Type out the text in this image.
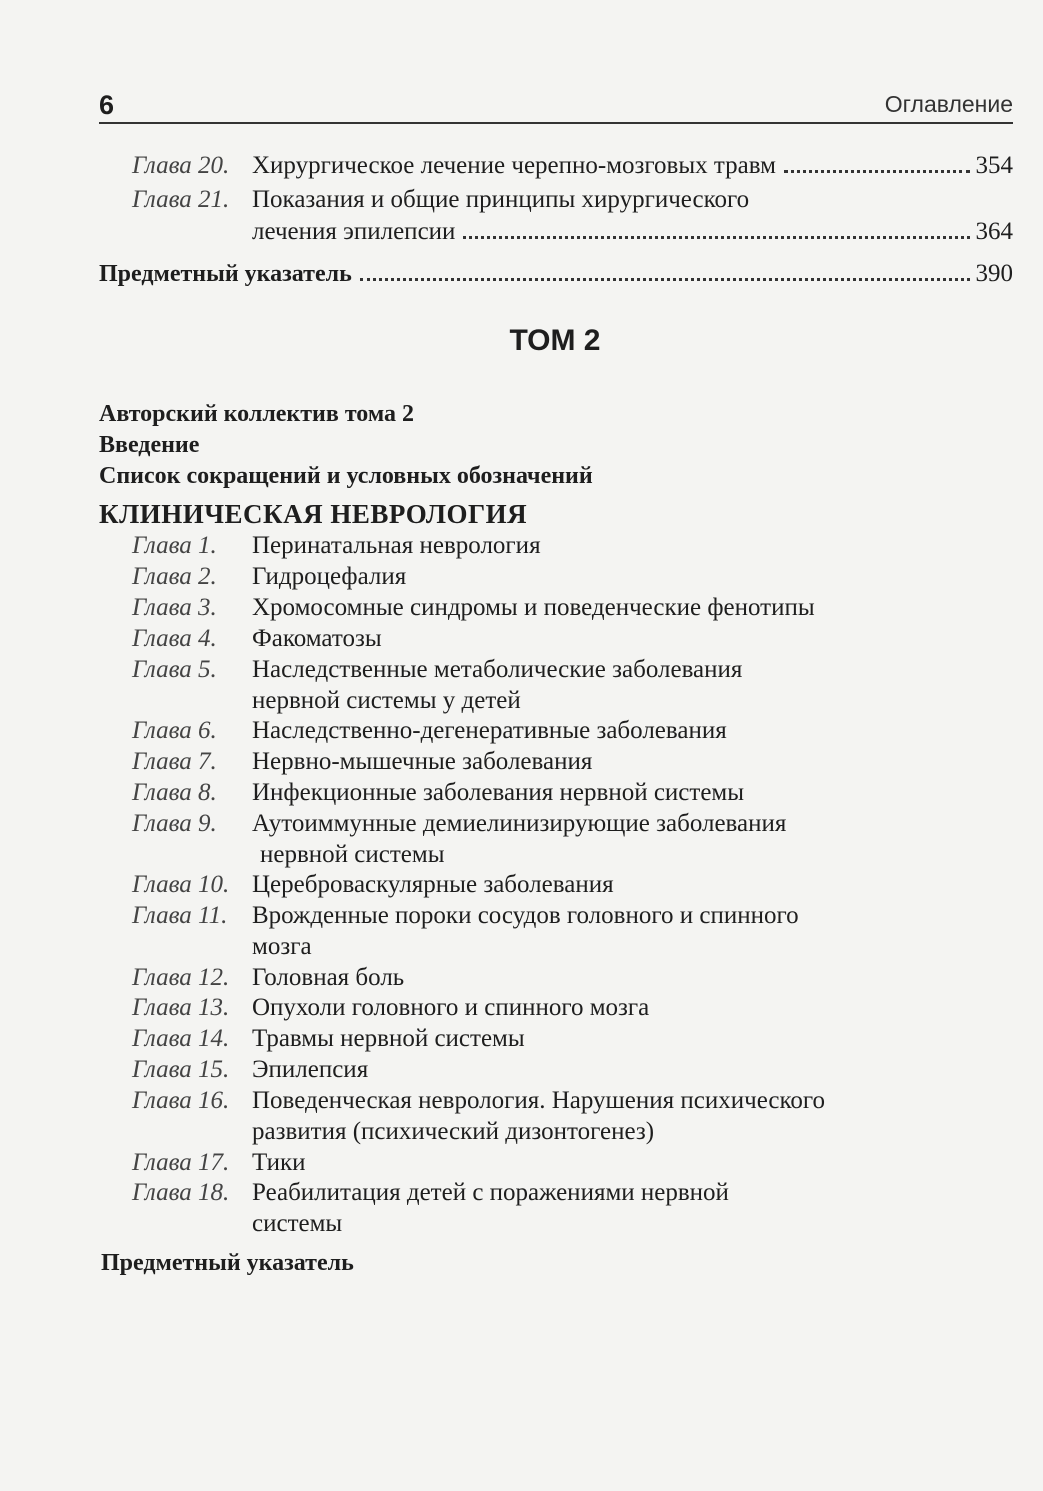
6	Оглавление
Глава 20. Хирургическое лечение черепно-мозговых травм	354
Глава 21. Показания и общие принципы хирургического
лечения эпилепсии	364
Предметный указатель	390
ТОМ 2
Авторский коллектив тома 2
Введение
Список сокращений и условных обозначений
КЛИНИЧЕСКАЯ НЕВРОЛОГИЯ
Глава 1.	Перинатальная неврология
Глава 2.	Гидроцефалия
Глава 3.	Хромосомные синдромы и поведенческие фенотипы
Глава 4.	Факоматозы
Глава 5.	Наследственные метаболические заболевания
нервной системы у детей
Глава 6.	Наследственно-дегенеративные заболевания
Глава 7.	Нервно-мышечные заболевания
Глава 8.	Инфекционные заболевания нервной системы
Глава 9.	Аутоиммунные демиелинизирующие заболевания
нервной системы
Глава 10. Цереброваскулярные заболевания
Глава 11. Врожденные пороки сосудов головного и спинного
мозга
Глава 12. Головная боль
Глава 13. Опухоли головного и спинного мозга
Глава 14. Травмы нервной системы
Глава 15. Эпилепсия
Глава 16. Поведенческая неврология. Нарушения психического
развития (психический дизонтогенез)
Глава 17. Тики
Глава 18. Реабилитация детей с поражениями нервной
системы
Предметный указатель
